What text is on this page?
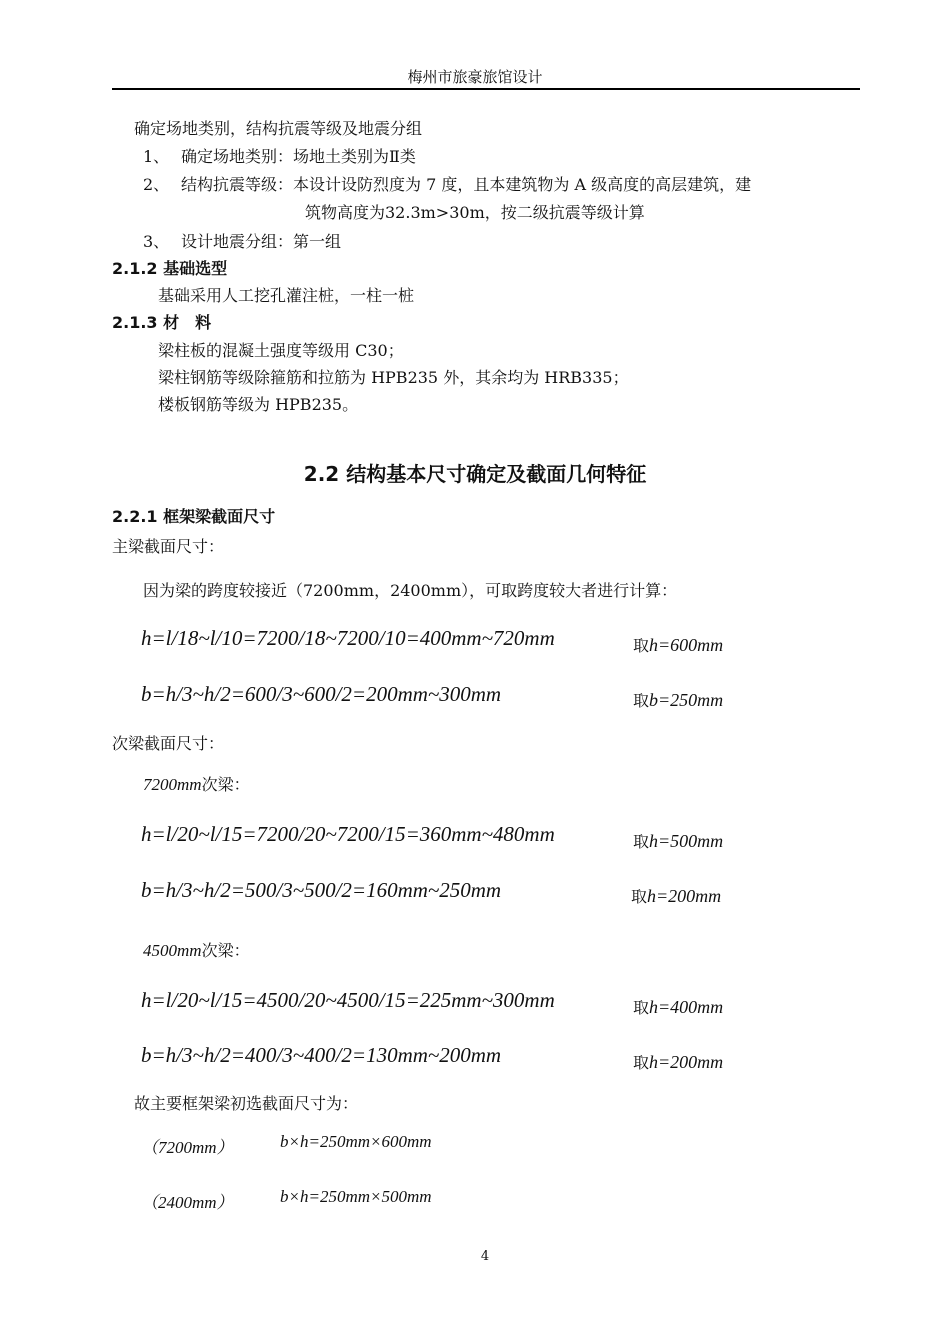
梅州市旅豪旅馆设计
确定场地类别，结构抗震等级及地震分组
1、 确定场地类别：场地土类别为Ⅱ类
2、 结构抗震等级：本设计设防烈度为 7 度，且本建筑物为 A 级高度的高层建筑，建
筑物高度为32.3m>30m，按二级抗震等级计算
3、 设计地震分组：第一组
2.1.2 基础选型
基础采用人工挖孔灌注桩，一柱一桩
2.1.3 材　料
梁柱板的混凝土强度等级用 C30；
梁柱钢筋等级除箍筋和拉筋为 HPB235 外，其余均为 HRB335；
楼板钢筋等级为 HPB235。
2.2 结构基本尺寸确定及截面几何特征
2.2.1 框架梁截面尺寸
主梁截面尺寸：
因为梁的跨度较接近（7200mm，2400mm），可取跨度较大者进行计算：
h=l/18~l/10=7200/18~7200/10=400mm~720mm	取h=600mm
b=h/3~h/2=600/3~600/2=200mm~300mm	取b=250mm
次梁截面尺寸：
7200mm次梁：
h=l/20~l/15=7200/20~7200/15=360mm~480mm	取h=500mm
b=h/3~h/2=500/3~500/2=160mm~250mm	取h=200mm
4500mm次梁：
h=l/20~l/15=4500/20~4500/15=225mm~300mm	取h=400mm
b=h/3~h/2=400/3~400/2=130mm~200mm	取h=200mm
故主要框架梁初选截面尺寸为：
（7200mm）	b×h=250mm×600mm
（2400mm）	b×h=250mm×500mm
4
